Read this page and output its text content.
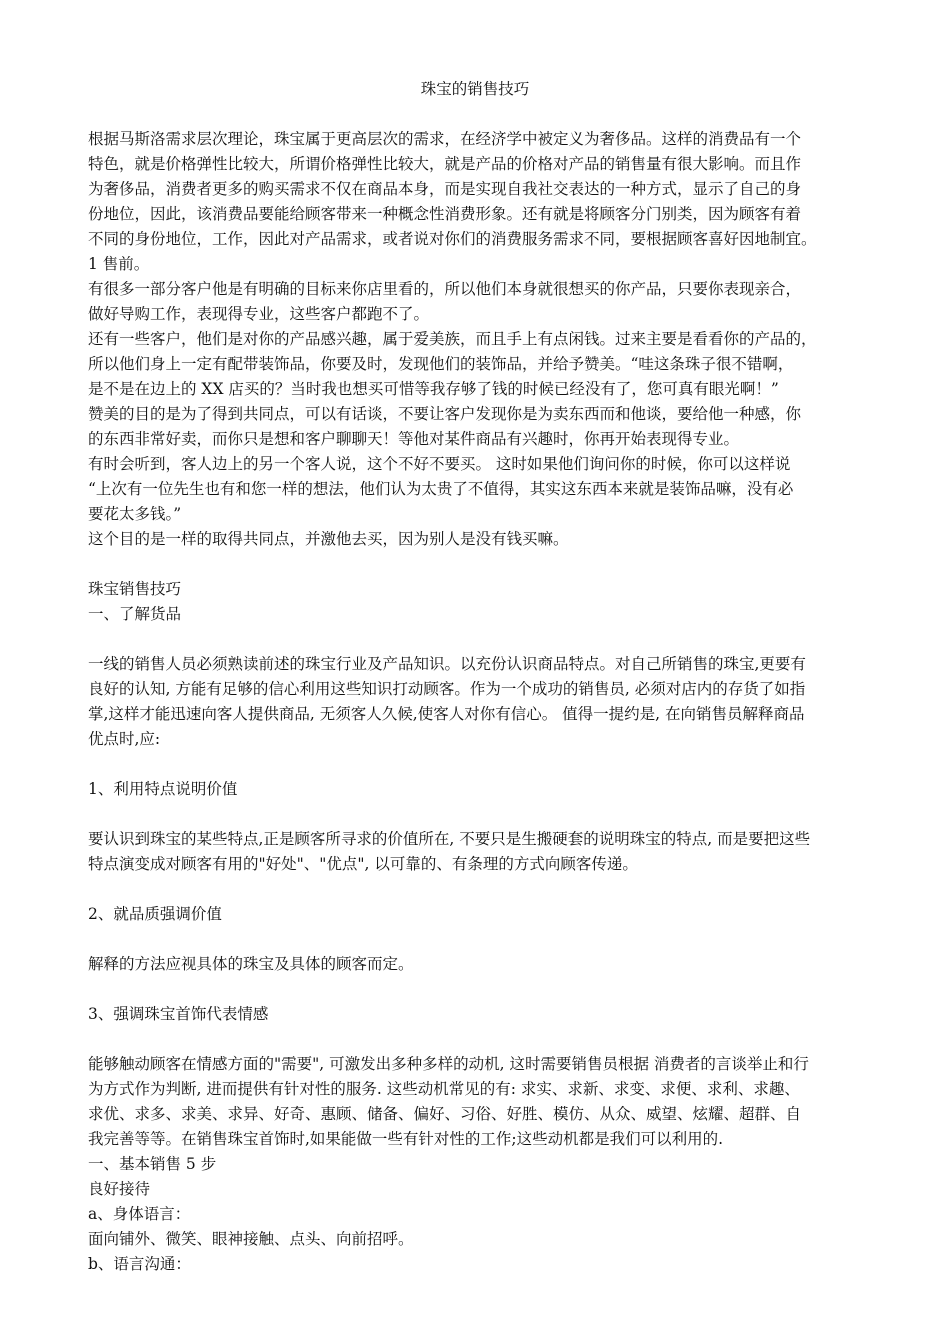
珠宝的销售技巧
根据马斯洛需求层次理论，珠宝属于更高层次的需求，在经济学中被定义为奢侈品。这样的消费品有一个
特色，就是价格弹性比较大，所谓价格弹性比较大，就是产品的价格对产品的销售量有很大影响。而且作
为奢侈品，消费者更多的购买需求不仅在商品本身，而是实现自我社交表达的一种方式，显示了自己的身
份地位，因此，该消费品要能给顾客带来一种概念性消费形象。还有就是将顾客分门别类，因为顾客有着
不同的身份地位，工作，因此对产品需求，或者说对你们的消费服务需求不同，要根据顾客喜好因地制宜。
1 售前。
有很多一部分客户他是有明确的目标来你店里看的，所以他们本身就很想买的你产品，只要你表现亲合，
做好导购工作，表现得专业，这些客户都跑不了。
还有一些客户，他们是对你的产品感兴趣，属于爱美族，而且手上有点闲钱。过来主要是看看你的产品的，
所以他们身上一定有配带装饰品，你要及时，发现他们的装饰品，并给予赞美。“哇这条珠子很不错啊，
是不是在边上的 XX 店买的？当时我也想买可惜等我存够了钱的时候已经没有了，您可真有眼光啊！”
赞美的目的是为了得到共同点，可以有话谈，不要让客户发现你是为卖东西而和他谈，要给他一种感，你
的东西非常好卖，而你只是想和客户聊聊天！等他对某件商品有兴趣时，你再开始表现得专业。
有时会听到，客人边上的另一个客人说，这个不好不要买。 这时如果他们询问你的时候，你可以这样说
“上次有一位先生也有和您一样的想法，他们认为太贵了不值得，其实这东西本来就是装饰品嘛，没有必
要花太多钱。”
这个目的是一样的取得共同点，并激他去买，因为别人是没有钱买嘛。
珠宝销售技巧
一、了解货品
一线的销售人员必须熟读前述的珠宝行业及产品知识。以充份认识商品特点。对自己所销售的珠宝,更要有
良好的认知, 方能有足够的信心利用这些知识打动顾客。作为一个成功的销售员, 必须对店内的存货了如指
掌,这样才能迅速向客人提供商品, 无须客人久候,使客人对你有信心。 值得一提约是, 在向销售员解释商品
优点时,应:
1、利用特点说明价值
要认识到珠宝的某些特点,正是顾客所寻求的价值所在, 不要只是生搬硬套的说明珠宝的特点, 而是要把这些
特点演变成对顾客有用的"好处"、"优点", 以可靠的、有条理的方式向顾客传递。
2、就品质强调价值
解释的方法应视具体的珠宝及具体的顾客而定。
3、强调珠宝首饰代表情感
能够触动顾客在情感方面的"需要", 可激发出多种多样的动机, 这时需要销售员根据 消费者的言谈举止和行
为方式作为判断, 进而提供有针对性的服务. 这些动机常见的有: 求实、求新、求变、求便、求利、求趣、
求优、求多、求美、求异、好奇、惠顾、储备、偏好、习俗、好胜、模仿、从众、威望、炫耀、超群、自
我完善等等。在销售珠宝首饰时,如果能做一些有针对性的工作;这些动机都是我们可以利用的.
一、基本销售 5 步
良好接待
a、身体语言：
面向铺外、微笑、眼神接触、点头、向前招呼。
b、语言沟通：
